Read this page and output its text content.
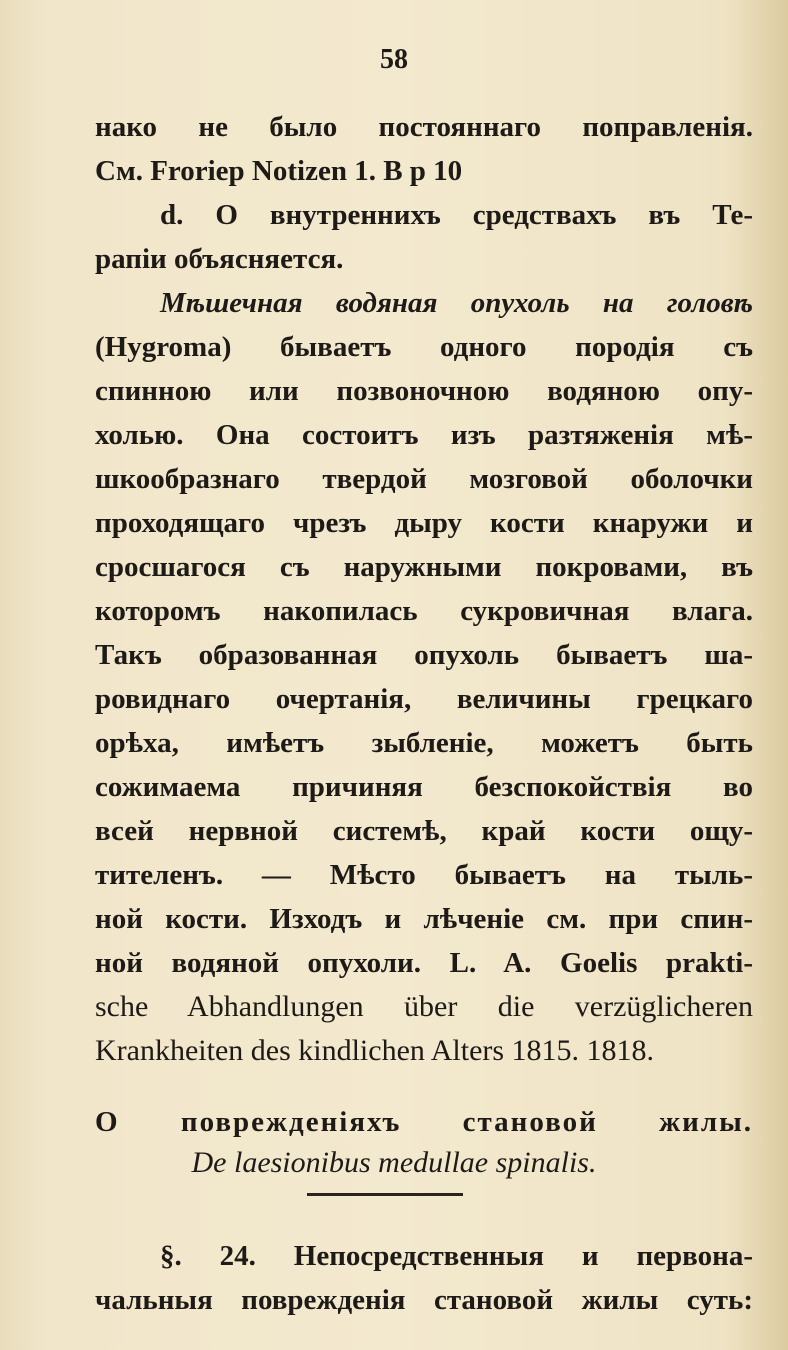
58
нако не было постояннаго поправленія.
См. Froriep Notizen 1. B p 10
d. О внутреннихъ средствахъ въ Те-
рапіи объясняется.
Мѣшечная водяная опухоль на головѣ
(Hygroma) бываетъ одного породія съ
спинною или позвоночною водяною опу-
холью. Она состоитъ изъ разтяженія мѣ-
шкообразнаго твердой мозговой оболочки
проходящаго чрезъ дыру кости кнаружи и
сросшагося съ наружными покровами, въ
которомъ накопилась сукровичная влага.
Такъ образованная опухоль бываетъ ша-
ровиднаго очертанія, величины грецкаго
орѣха, имѣетъ зыбленіе, можетъ быть
сожимаема причиняя безспокойствія во
всей нервной системѣ, край кости ощу-
тителенъ. — Мѣсто бываетъ на тыль-
ной кости. Изходъ и лѣченіе см. при спин-
ной водяной опухоли. L. A. Goelis prakti-
sche Abhandlungen über die verzüglicheren
Krankheiten des kindlichen Alters 1815. 1818.
О поврежденіяхъ становой жилы.
De laesionibus medullae spinalis.
§. 24. Непосредственныя и первона-
чальныя поврежденія становой жилы суть:
